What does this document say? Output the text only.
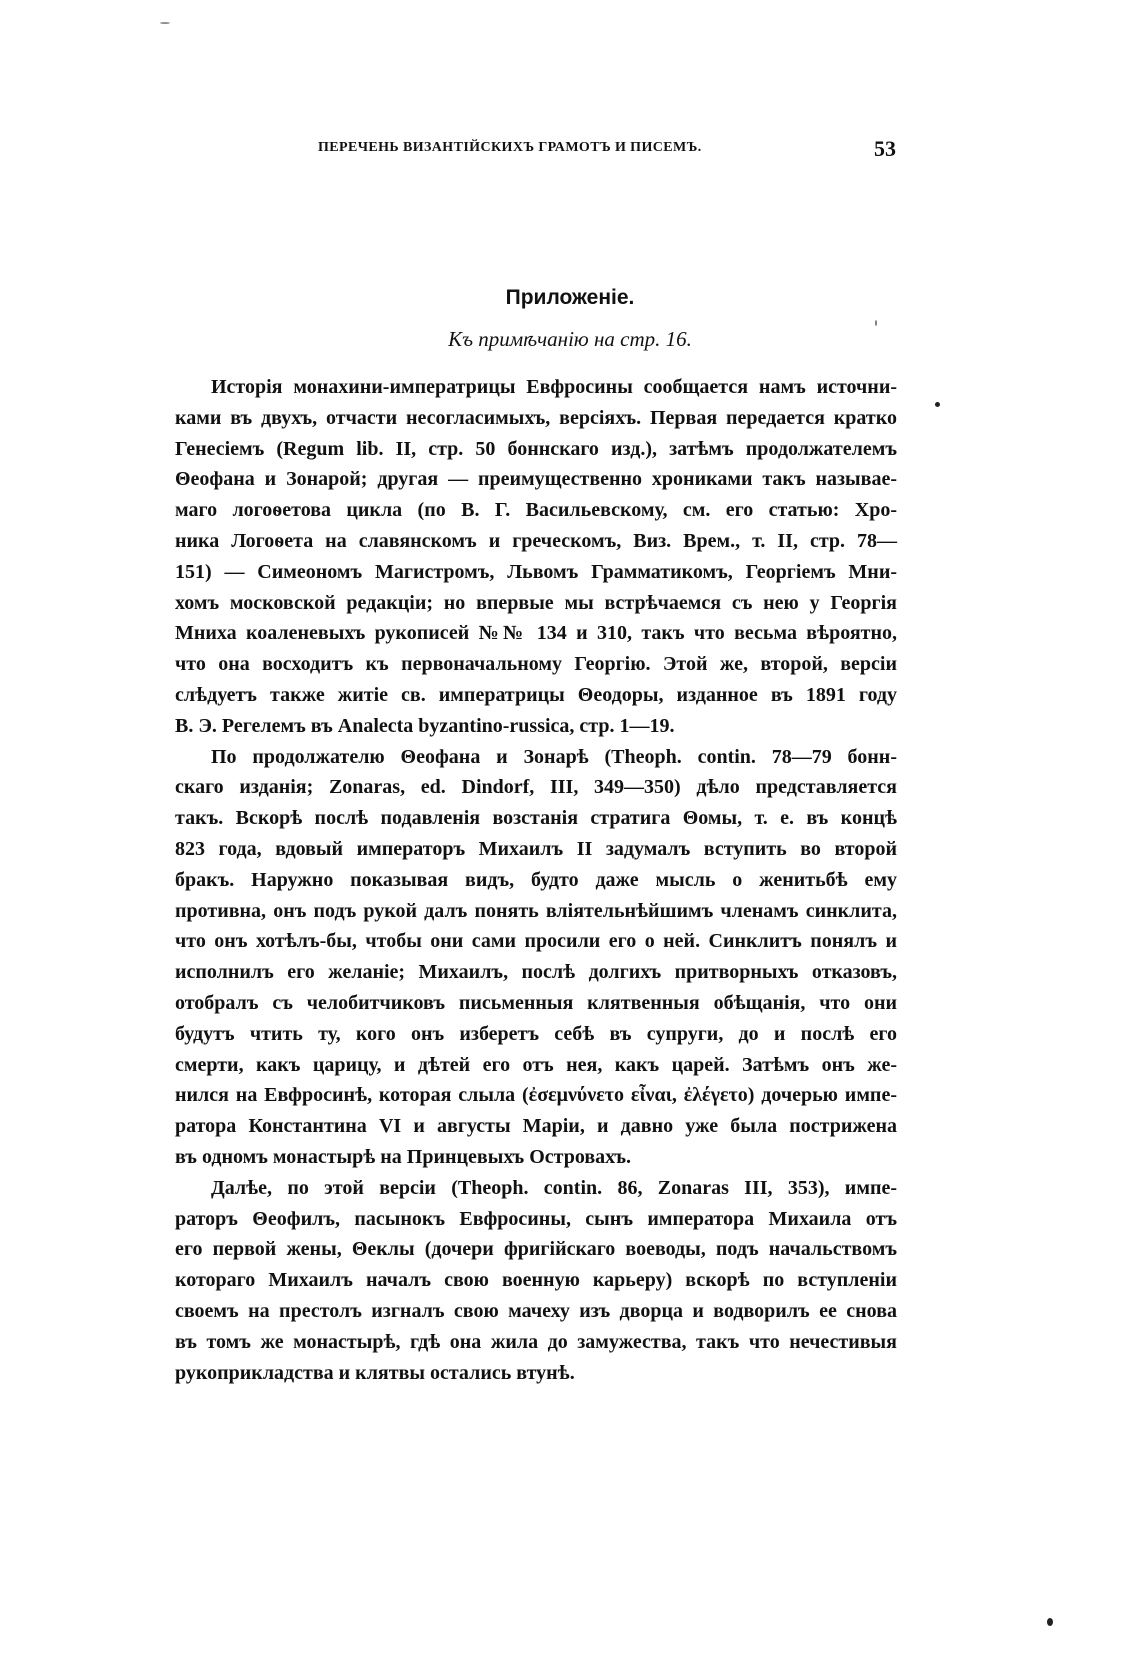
ПЕРЕЧЕНЬ ВИЗАНТІЙСКИХЪ ГРАМОТЪ И ПИСЕМЪ.	53
Приложеніе.
Къ примѣчанію на стр. 16.
Исторія монахини-императрицы Евфросины сообщается намъ источни-
ками въ двухъ, отчасти несогласимыхъ, версіяхъ. Первая передается кратко
Генесіемъ (Regum lib. II, стр. 50 боннскаго изд.), затѣмъ продолжателемъ
Θеофана и Зонарой; другая — преимущественно хрониками такъ называе-
маго логоѳетова цикла (по В. Г. Васильевскому, см. его статью: Хро-
ника Логоѳета на славянскомъ и греческомъ, Виз. Врем., т. II, стр. 78—
151) — Симеономъ Магистромъ, Львомъ Грамматикомъ, Георгіемъ Мни-
хомъ московской редакціи; но впервые мы встрѣчаемся съ нею у Георгія
Мниха коаленевыхъ рукописей №№ 134 и 310, такъ что весьма вѣроятно,
что она восходитъ къ первоначальному Георгію. Этой же, второй, версіи
слѣдуетъ также житіе св. императрицы Θеодоры, изданное въ 1891 году
В. Э. Регелемъ въ Analecta byzantino-russica, стр. 1—19.
По продолжателю Θеофана и Зонарѣ (Theoph. contin. 78—79 бонн-
скаго изданія; Zonaras, ed. Dindorf, III, 349—350) дѣло представляется
такъ. Вскорѣ послѣ подавленія возстанія стратига Θомы, т. е. въ концѣ
823 года, вдовый императоръ Михаилъ II задумалъ вступить во второй
бракъ. Наружно показывая видъ, будто даже мысль о женитьбѣ ему
противна, онъ подъ рукой далъ понять вліятельнѣйшимъ членамъ синклита,
что онъ хотѣлъ-бы, чтобы они сами просили его о ней. Синклитъ понялъ и
исполнилъ его желаніе; Михаилъ, послѣ долгихъ притворныхъ отказовъ,
отобралъ съ челобитчиковъ письменныя клятвенныя обѣщанія, что они
будутъ чтить ту, кого онъ изберетъ себѣ въ супруги, до и послѣ его
смерти, какъ царицу, и дѣтей его отъ нея, какъ царей. Затѣмъ онъ же-
нился на Евфросинѣ, которая слыла (ἐσεμνύνετο εἶναι, ἐλέγετο) дочерью импе-
ратора Константина VI и августы Маріи, и давно уже была пострижена
въ одномъ монастырѣ на Принцевыхъ Островахъ.
Далѣе, по этой версіи (Theoph. contin. 86, Zonaras III, 353), импе-
раторъ Θеофилъ, пасынокъ Евфросины, сынъ императора Михаила отъ
его первой жены, Θеклы (дочери фригійскаго воеводы, подъ начальствомъ
котораго Михаилъ началъ свою военную карьеру) вскорѣ по вступленіи
своемъ на престолъ изгналъ свою мачеху изъ дворца и водворилъ ее снова
въ томъ же монастырѣ, гдѣ она жила до замужества, такъ что нечестивыя
рукоприкладства и клятвы остались втунѣ.
